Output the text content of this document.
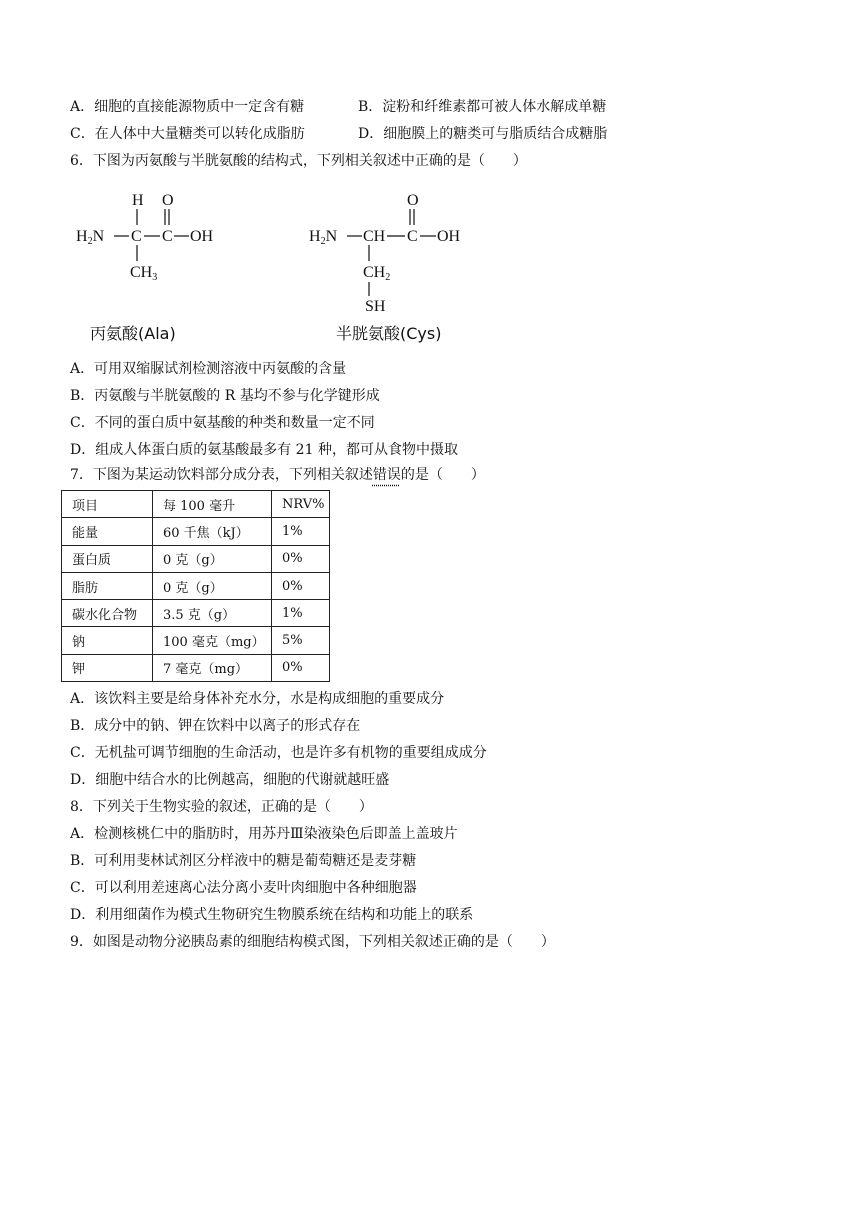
A．细胞的直接能源物质中一定含有糖	B．淀粉和纤维素都可被人体水解成单糖
C．在人体中大量糖类可以转化成脂肪	D．细胞膜上的糖类可与脂质结合成糖脂
6．下图为丙氨酸与半胱氨酸的结构式，下列相关叙述中正确的是（　　）
H O
H2N C C OH
CH3
丙氨酸(Ala)
O
H2N CH C OH
CH2
SH
半胱氨酸(Cys)
A．可用双缩脲试剂检测溶液中丙氨酸的含量
B．丙氨酸与半胱氨酸的 R 基均不参与化学键形成
C．不同的蛋白质中氨基酸的种类和数量一定不同
D．组成人体蛋白质的氨基酸最多有 21 种，都可从食物中摄取
7．下图为某运动饮料部分成分表，下列相关叙述错误的是（　　）
项目	每 100 毫升	NRV%
能量	60 千焦（kJ）	1%
蛋白质	0 克（g）	0%
脂肪	0 克（g）	0%
碳水化合物	3.5 克（g）	1%
钠	100 毫克（mg）	5%
钾	7 毫克（mg）	0%
A．该饮料主要是给身体补充水分，水是构成细胞的重要成分
B．成分中的钠、钾在饮料中以离子的形式存在
C．无机盐可调节细胞的生命活动，也是许多有机物的重要组成成分
D．细胞中结合水的比例越高，细胞的代谢就越旺盛
8．下列关于生物实验的叙述，正确的是（　　）
A．检测核桃仁中的脂肪时，用苏丹Ⅲ染液染色后即盖上盖玻片
B．可利用斐林试剂区分样液中的糖是葡萄糖还是麦芽糖
C．可以利用差速离心法分离小麦叶肉细胞中各种细胞器
D．利用细菌作为模式生物研究生物膜系统在结构和功能上的联系
9．如图是动物分泌胰岛素的细胞结构模式图，下列相关叙述正确的是（　　）
